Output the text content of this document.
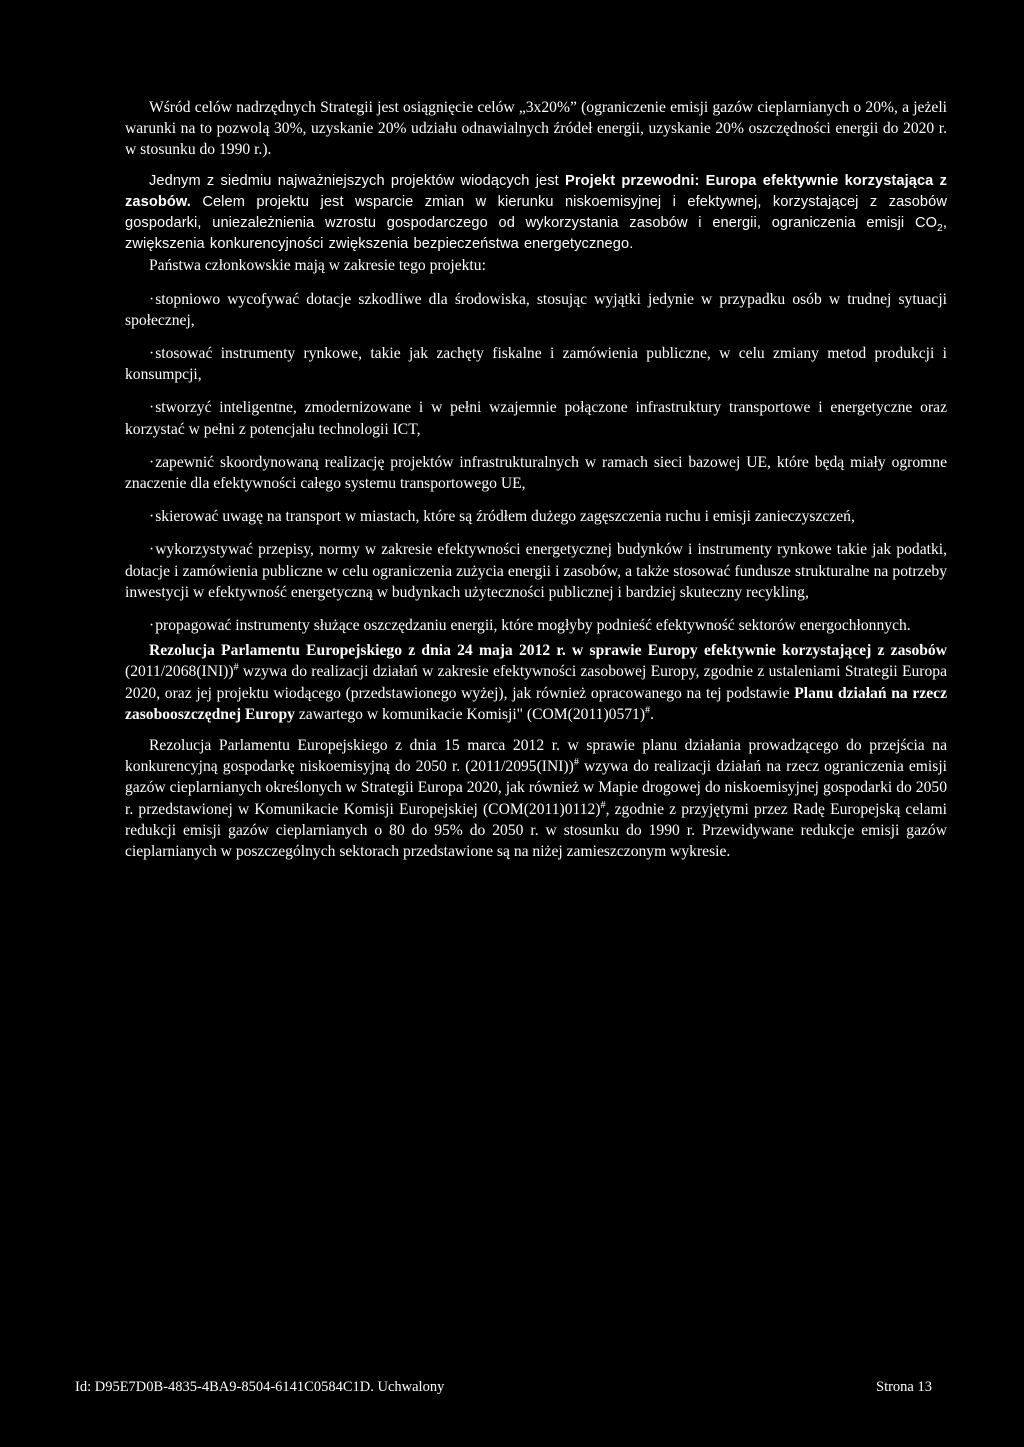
Wśród celów nadrzędnych Strategii jest osiągnięcie celów „3x20%” (ograniczenie emisji gazów cieplarnianych o 20%, a jeżeli warunki na to pozwolą 30%, uzyskanie 20% udziału odnawialnych źródeł energii, uzyskanie 20% oszczędności energii do 2020 r. w stosunku do 1990 r.).

Jednym z siedmiu najważniejszych projektów wiodących jest Projekt przewodni: Europa efektywnie korzystająca z zasobów. Celem projektu jest wsparcie zmian w kierunku niskoemisyjnej i efektywnej, korzystającej z zasobów gospodarki, uniezależnienia wzrostu gospodarczego od wykorzystania zasobów i energii, ograniczenia emisji $CO_2$, zwiększenia konkurencyjności zwiększenia bezpieczeństwa energetycznego.

Państwa członkowskie mają w zakresie tego projektu:

·stopniowo wycofywać dotacje szkodliwe dla środowiska, stosując wyjątki jedynie w przypadku osób w trudnej sytuacji społecznej,
·stosować instrumenty rynkowe, takie jak zachęty fiskalne i zamówienia publiczne, w celu zmiany metod produkcji i konsumpcji,
·stworzyć inteligentne, zmodernizowane i w pełni wzajemnie połączone infrastruktury transportowe i energetyczne oraz korzystać w pełni z potencjału technologii ICT,
·zapewnić skoordynowaną realizację projektów infrastrukturalnych w ramach sieci bazowej UE, które będą miały ogromne znaczenie dla efektywności całego systemu transportowego UE,
·skierować uwagę na transport w miastach, które są źródłem dużego zagęszczenia ruchu i emisji zanieczyszczeń,
·wykorzystywać przepisy, normy w zakresie efektywności energetycznej budynków i instrumenty rynkowe takie jak podatki, dotacje i zamówienia publiczne w celu ograniczenia zużycia energii i zasobów, a także stosować fundusze strukturalne na potrzeby inwestycji w efektywność energetyczną w budynkach użyteczności publicznej i bardziej skuteczny recykling,
·propagować instrumenty służące oszczędzaniu energii, które mogłyby podnieść efektywność sektorów energochłonnych.

Rezolucja Parlamentu Europejskiego z dnia 24 maja 2012 r. w sprawie Europy efektywnie korzystającej z zasobów (2011/2068(INI))# wzywa do realizacji działań w zakresie efektywności zasobowej Europy, zgodnie z ustaleniami Strategii Europa 2020, oraz jej projektu wiodącego (przedstawionego wyżej), jak również opracowanego na tej podstawie Planu działań na rzecz zasobooszczędnej Europy zawartego w komunikacie Komisji" (COM(2011)0571)#.

Rezolucja Parlamentu Europejskiego z dnia 15 marca 2012 r. w sprawie planu działania prowadzącego do przejścia na konkurencyjną gospodarkę niskoemisyjną do 2050 r. (2011/2095(INI))# wzywa do realizacji działań na rzecz ograniczenia emisji gazów cieplarnianych określonych w Strategii Europa 2020, jak również w Mapie drogowej do niskoemisyjnej gospodarki do 2050 r. przedstawionej w Komunikacie Komisji Europejskiej (COM(2011)0112)#, zgodnie z przyjętymi przez Radę Europejską celami redukcji emisji gazów cieplarnianych o 80 do 95% do 2050 r. w stosunku do 1990 r. Przewidywane redukcje emisji gazów cieplarnianych w poszczególnych sektorach przedstawione są na niżej zamieszczonym wykresie.

Id: D95E7D0B-4835-4BA9-8504-6141C0584C1D. Uchwalony	Strona 13
